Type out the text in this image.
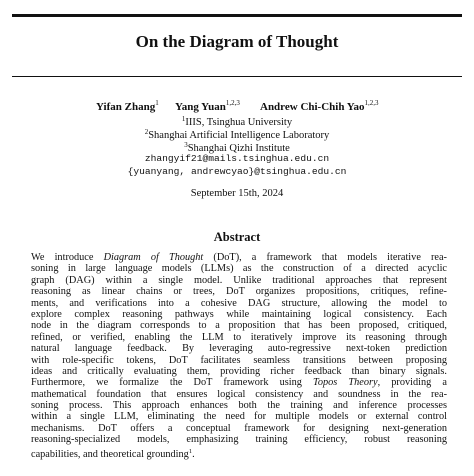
On the Diagram of Thought
Yifan Zhang$^1$ Yang Yuan$^{1,2,3}$ Andrew Chi-Chih Yao$^{1,2,3}$
$^1$IIIS, Tsinghua University
$^2$Shanghai Artificial Intelligence Laboratory
$^3$Shanghai Qizhi Institute
zhangyif21@mails.tsinghua.edu.cn
{yuanyang, andrewcyao}@tsinghua.edu.cn
September 15th, 2024
Abstract
We introduce Diagram of Thought (DoT), a framework that models iterative rea-
soning in large language models (LLMs) as the construction of a directed acyclic
graph (DAG) within a single model. Unlike traditional approaches that represent
reasoning as linear chains or trees, DoT organizes propositions, critiques, refine-
ments, and verifications into a cohesive DAG structure, allowing the model to
explore complex reasoning pathways while maintaining logical consistency. Each
node in the diagram corresponds to a proposition that has been proposed, critiqued,
refined, or verified, enabling the LLM to iteratively improve its reasoning through
natural language feedback. By leveraging auto-regressive next-token prediction
with role-specific tokens, DoT facilitates seamless transitions between proposing
ideas and critically evaluating them, providing richer feedback than binary signals.
Furthermore, we formalize the DoT framework using Topos Theory, providing a
mathematical foundation that ensures logical consistency and soundness in the rea-
soning process. This approach enhances both the training and inference processes
within a single LLM, eliminating the need for multiple models or external control
mechanisms. DoT offers a conceptual framework for designing next-generation
reasoning-specialized models, emphasizing training efficiency, robust reasoning
capabilities, and theoretical grounding$^1$.
